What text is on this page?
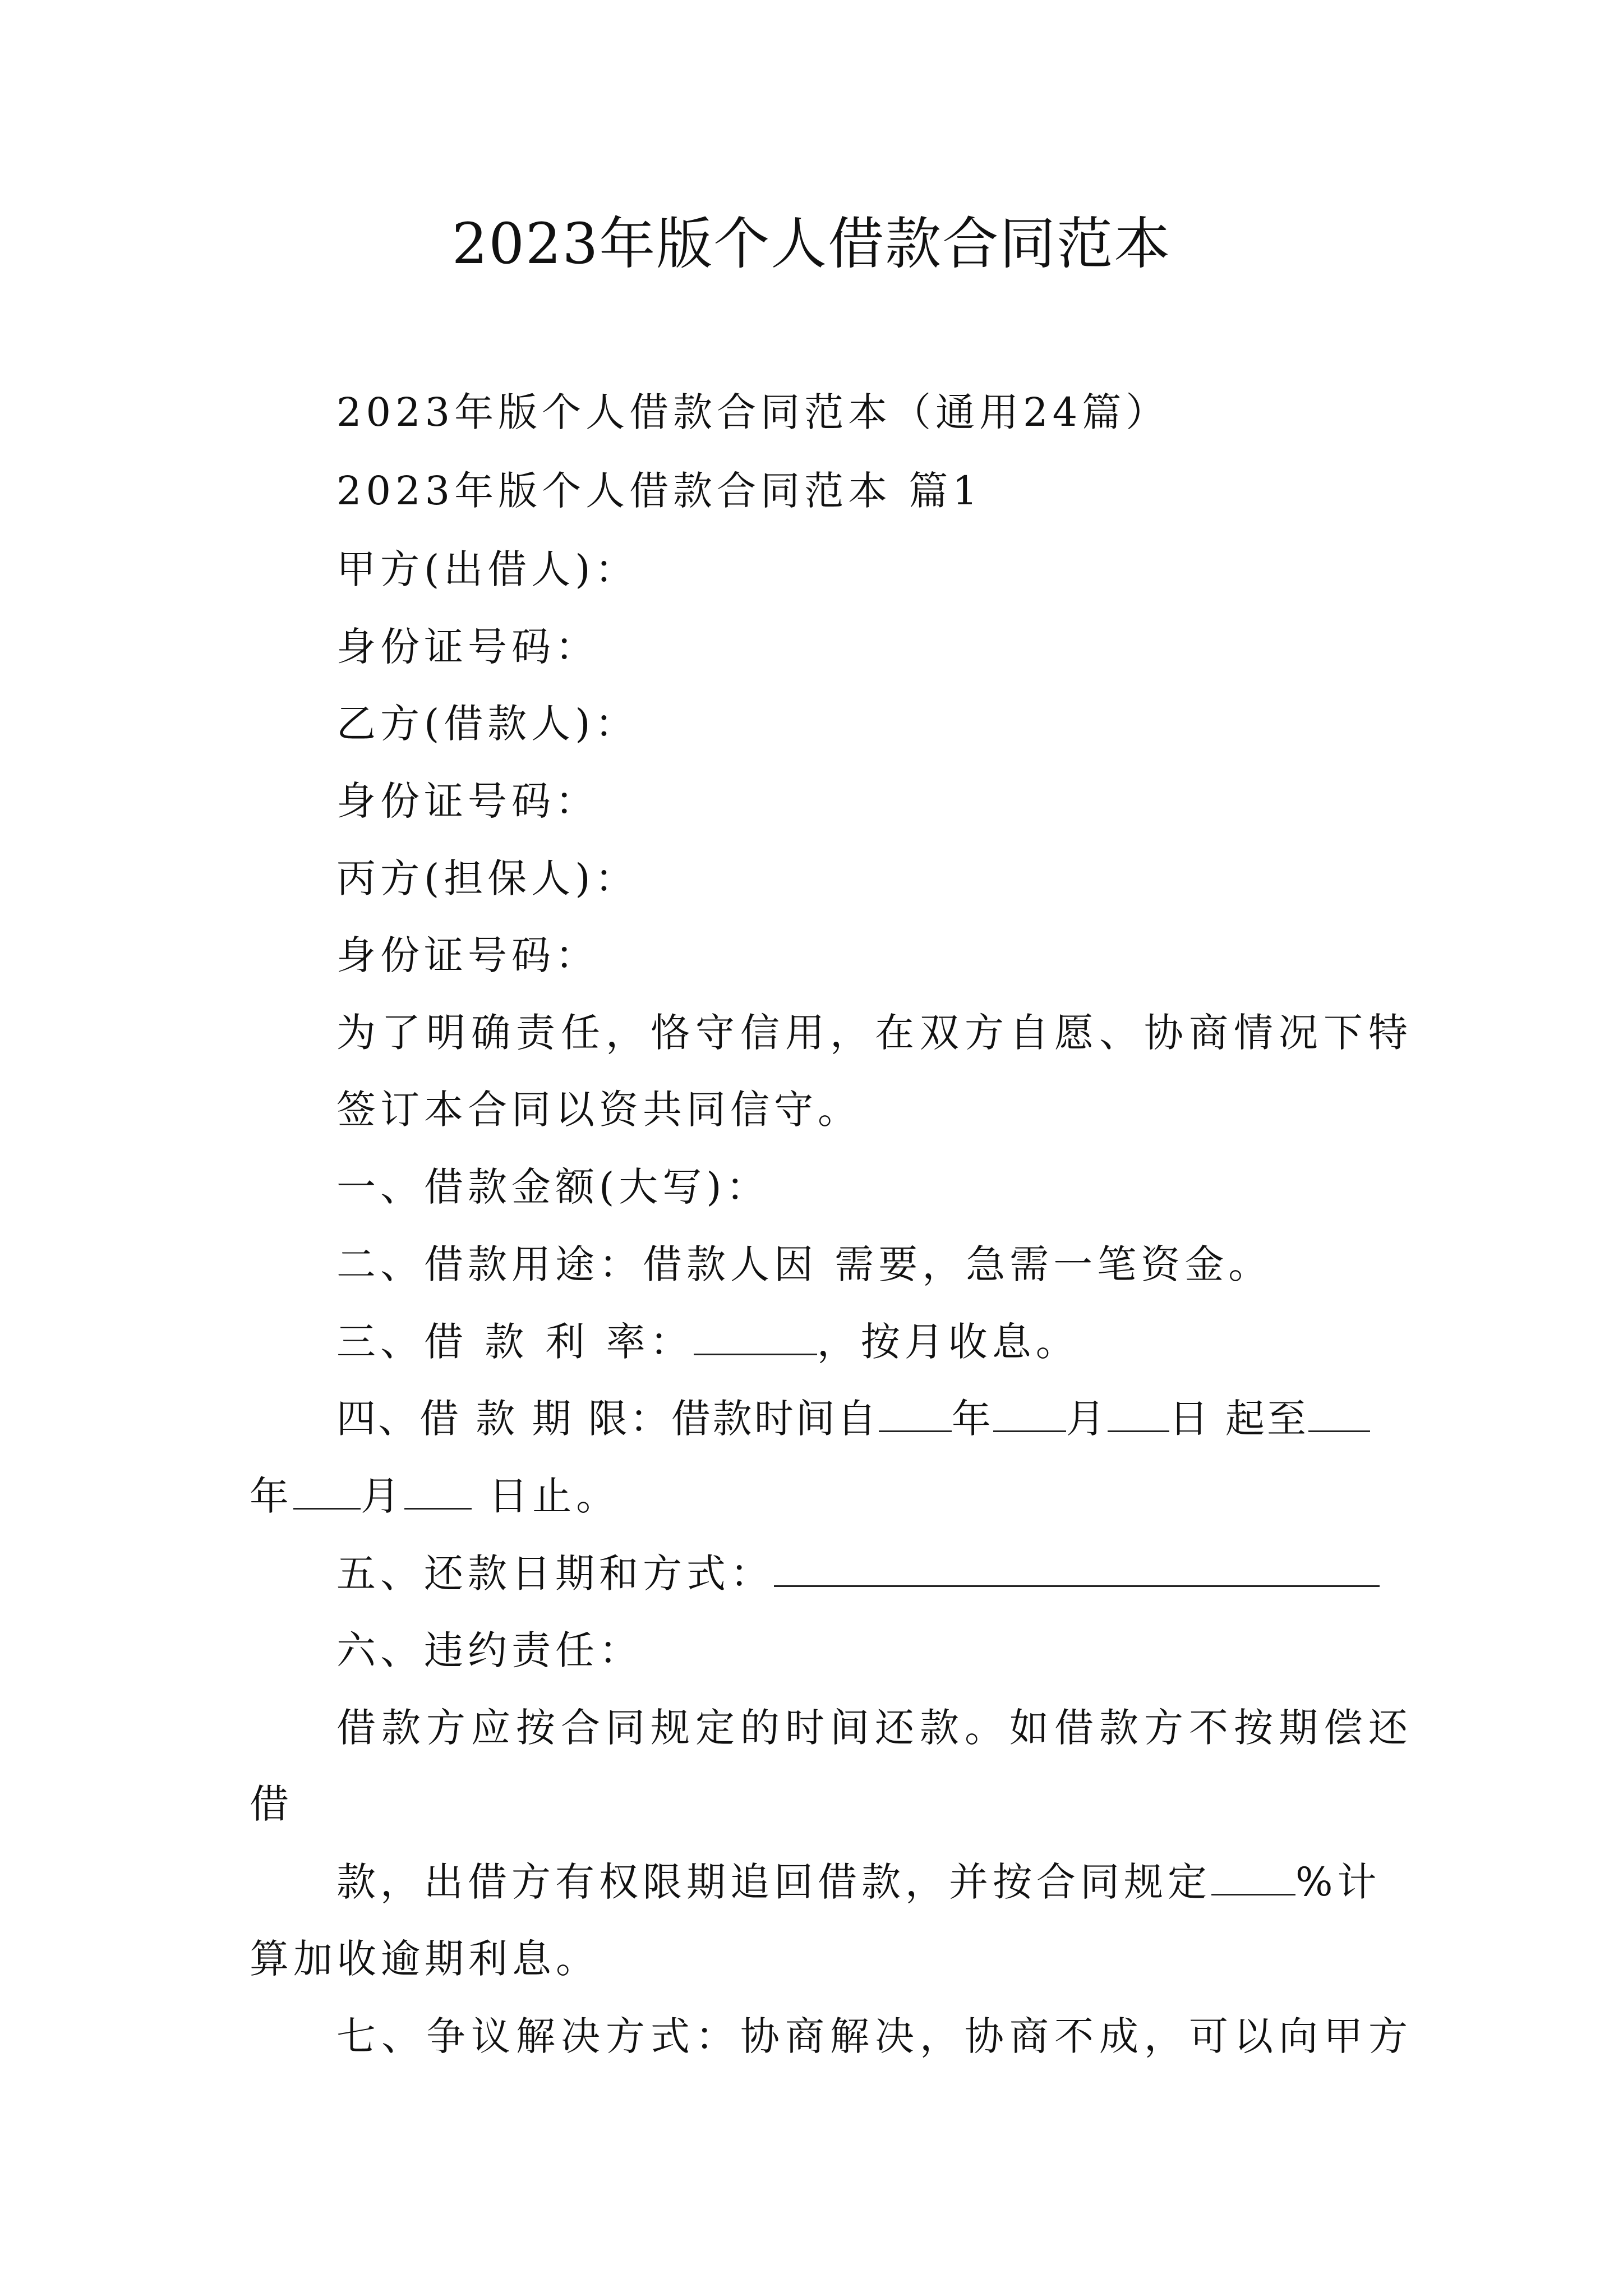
2023年版个人借款合同范本
2023年版个人借款合同范本（通用24篇）
2023年版个人借款合同范本 篇1
甲方(出借人)：
身份证号码：
乙方(借款人)：
身份证号码：
丙方(担保人)：
身份证号码：
为了明确责任，恪守信用，在双方自愿、协商情况下特
签订本合同以资共同信守。
一、借款金额(大写)：
二、借款用途：借款人因 需要，急需一笔资金。
三、借 款 利 率：	，按月收息。
四、借 款 期 限：借款时间自 年 月 日 起至
年 月 日止。
五、还款日期和方式：
六、违约责任：
借款方应按合同规定的时间还款。如借款方不按期偿还
借
款，出借方有权限期追回借款，并按合同规定 %计
算加收逾期利息。
七、争议解决方式：协商解决，协商不成，可以向甲方
